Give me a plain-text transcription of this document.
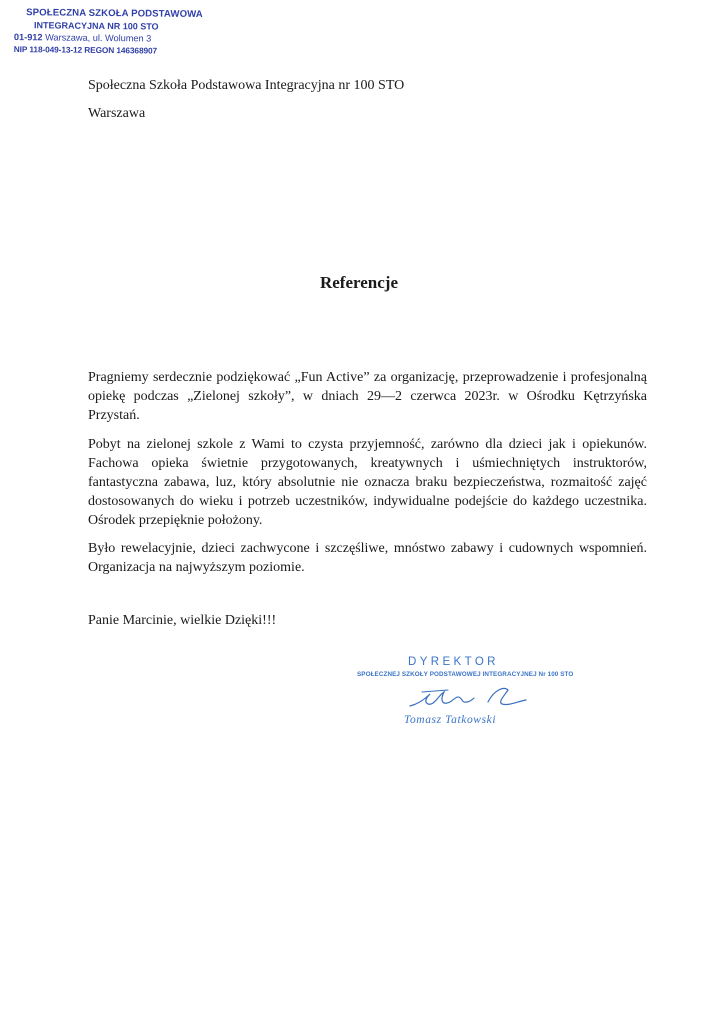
SPOŁECZNA SZKOŁA PODSTAWOWA
INTEGRACYJNA NR 100 STO
01-912 Warszawa, ul. Wolumen 3
NIP 118-049-13-12 REGON 146368907
Społeczna Szkoła Podstawowa Integracyjna nr 100 STO
Warszawa
Referencje
Pragniemy serdecznie podziękować „Fun Active” za organizację, przeprowadzenie i profesjonalną opiekę podczas „Zielonej szkoły”, w dniach 29—2 czerwca 2023r. w Ośrodku Kętrzyńska Przystań.
Pobyt na zielonej szkole z Wami to czysta przyjemność, zarówno dla dzieci jak i opiekunów. Fachowa opieka świetnie przygotowanych, kreatywnych i uśmiechniętych instruktorów, fantastyczna zabawa, luz, który absolutnie nie oznacza braku bezpieczeństwa, rozmaitość zajęć dostosowanych do wieku i potrzeb uczestników, indywidualne podejście do każdego uczestnika. Ośrodek przepięknie położony.
Było rewelacyjnie, dzieci zachwycone i szczęśliwe, mnóstwo zabawy i cudownych wspomnień. Organizacja na najwyższym poziomie.
Panie Marcinie, wielkie Dzięki!!!
DYREKTOR
SPOŁECZNEJ SZKOŁY PODSTAWOWEJ INTEGRACYJNEJ Nr 100 STO
Tomasz Tatkowski
